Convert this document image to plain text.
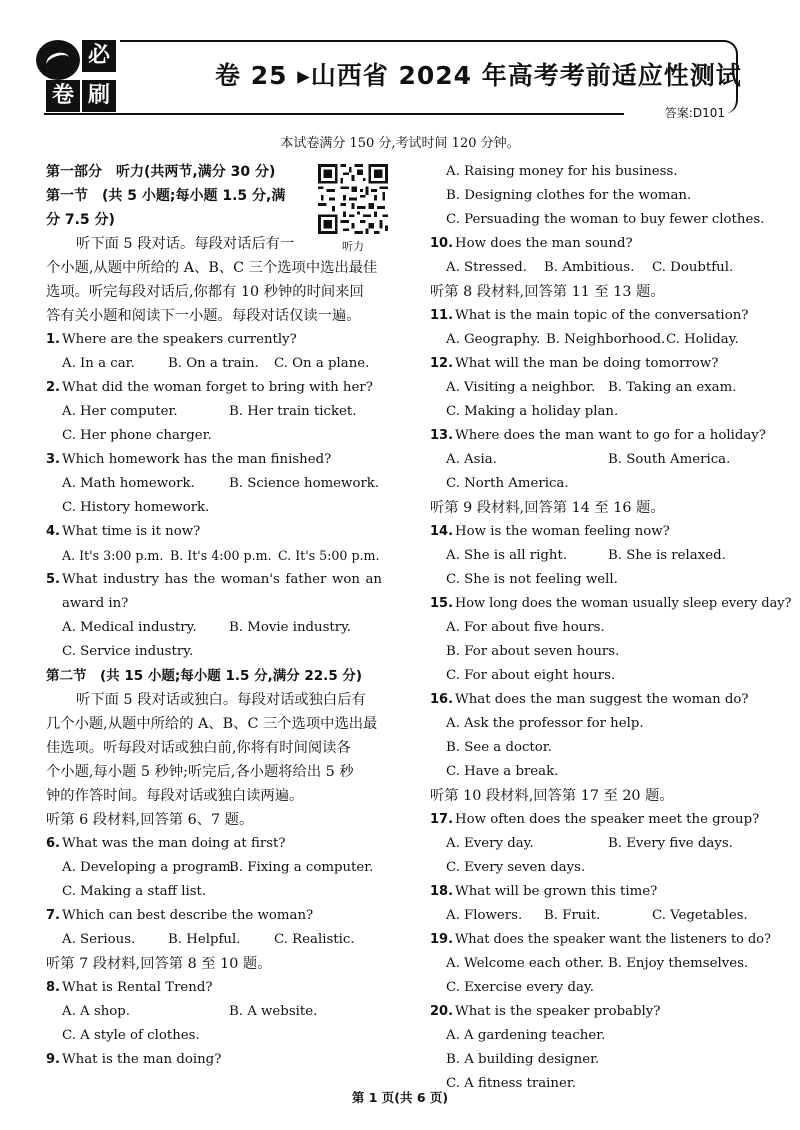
必
卷 刷
卷 25 ▸山西省 2024 年高考考前适应性测试
答案:D101
本试卷满分 150 分,考试时间 120 分钟。
听力
第一部分　听力(共两节,满分 30 分)
第一节　(共 5 小题;每小题 1.5 分,满
分 7.5 分)
听下面 5 段对话。每段对话后有一
个小题,从题中所给的 A、B、C 三个选项中选出最佳
选项。听完每段对话后,你都有 10 秒钟的时间来回
答有关小题和阅读下一小题。每段对话仅读一遍。
1. Where are the speakers currently?
A. In a car.	B. On a train.	C. On a plane.
2. What did the woman forget to bring with her?
A. Her computer.	B. Her train ticket.
C. Her phone charger.
3. Which homework has the man finished?
A. Math homework.	B. Science homework.
C. History homework.
4. What time is it now?
A. It's 3:00 p.m. B. It's 4:00 p.m. C. It's 5:00 p.m.
5. What industry has the woman's father won an
award in?
A. Medical industry.	B. Movie industry.
C. Service industry.
第二节　(共 15 小题;每小题 1.5 分,满分 22.5 分)
听下面 5 段对话或独白。每段对话或独白后有
几个小题,从题中所给的 A、B、C 三个选项中选出最
佳选项。听每段对话或独白前,你将有时间阅读各
个小题,每小题 5 秒钟;听完后,各小题将给出 5 秒
钟的作答时间。每段对话或独白读两遍。
听第 6 段材料,回答第 6、7 题。
6. What was the man doing at first?
A. Developing a program.
B. Fixing a computer.
C. Making a staff list.
7. Which can best describe the woman?
A. Serious.	B. Helpful.	C. Realistic.
听第 7 段材料,回答第 8 至 10 题。
8. What is Rental Trend?
A. A shop.	B. A website.
C. A style of clothes.
9. What is the man doing?
A. Raising money for his business.
B. Designing clothes for the woman.
C. Persuading the woman to buy fewer clothes.
10. How does the man sound?
A. Stressed.	B. Ambitious.	C. Doubtful.
听第 8 段材料,回答第 11 至 13 题。
11. What is the main topic of the conversation?
A. Geography. B. Neighborhood. C. Holiday.
12. What will the man be doing tomorrow?
A. Visiting a neighbor. B. Taking an exam.
C. Making a holiday plan.
13. Where does the man want to go for a holiday?
A. Asia.	B. South America.
C. North America.
听第 9 段材料,回答第 14 至 16 题。
14. How is the woman feeling now?
A. She is all right.	B. She is relaxed.
C. She is not feeling well.
15. How long does the woman usually sleep every day?
A. For about five hours.
B. For about seven hours.
C. For about eight hours.
16. What does the man suggest the woman do?
A. Ask the professor for help.
B. See a doctor.
C. Have a break.
听第 10 段材料,回答第 17 至 20 题。
17. How often does the speaker meet the group?
A. Every day.	B. Every five days.
C. Every seven days.
18. What will be grown this time?
A. Flowers.	B. Fruit.	C. Vegetables.
19. What does the speaker want the listeners to do?
A. Welcome each other. B. Enjoy themselves.
C. Exercise every day.
20. What is the speaker probably?
A. A gardening teacher.
B. A building designer.
C. A fitness trainer.
第 1 页(共 6 页)
